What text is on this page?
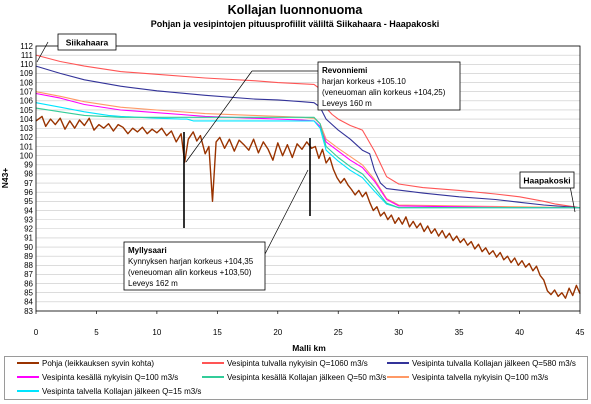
Kollajan luonnonuoma
Pohjan ja vesipintojen pituusprofiilit väliltä Siikahaara - Haapakoski
83
84
85
86
87
88
89
90
91
92
93
94
95
96
97
98
99
100
101
102
103
104
105
106
107
108
109
110
111
112
0	5	10	15	20	25	30	35	40	45
N43+
Malli km
Siikahaara
Haapakoski
Revonniemi
harjan korkeus +105.10
(veneuoman alin korkeus +104,25)
Leveys 160 m
Myllysaari
Kynnyksen harjan korkeus +104,35
(veneuoman alin korkeus +103,50)
Leveys 162 m
Pohja (leikkauksen syvin kohta)	Vesipinta tulvalla nykyisin Q=1060 m3/s	Vesipinta tulvalla Kollajan jälkeen Q=580 m3/s
Vesipinta kesällä nykyisin Q=100 m3/s	Vesipinta kesällä Kollajan jälkeen Q=50 m3/s	Vesipinta talvella nykyisin Q=100 m3/s
Vesipinta talvella Kollajan jälkeen Q=15 m3/s
